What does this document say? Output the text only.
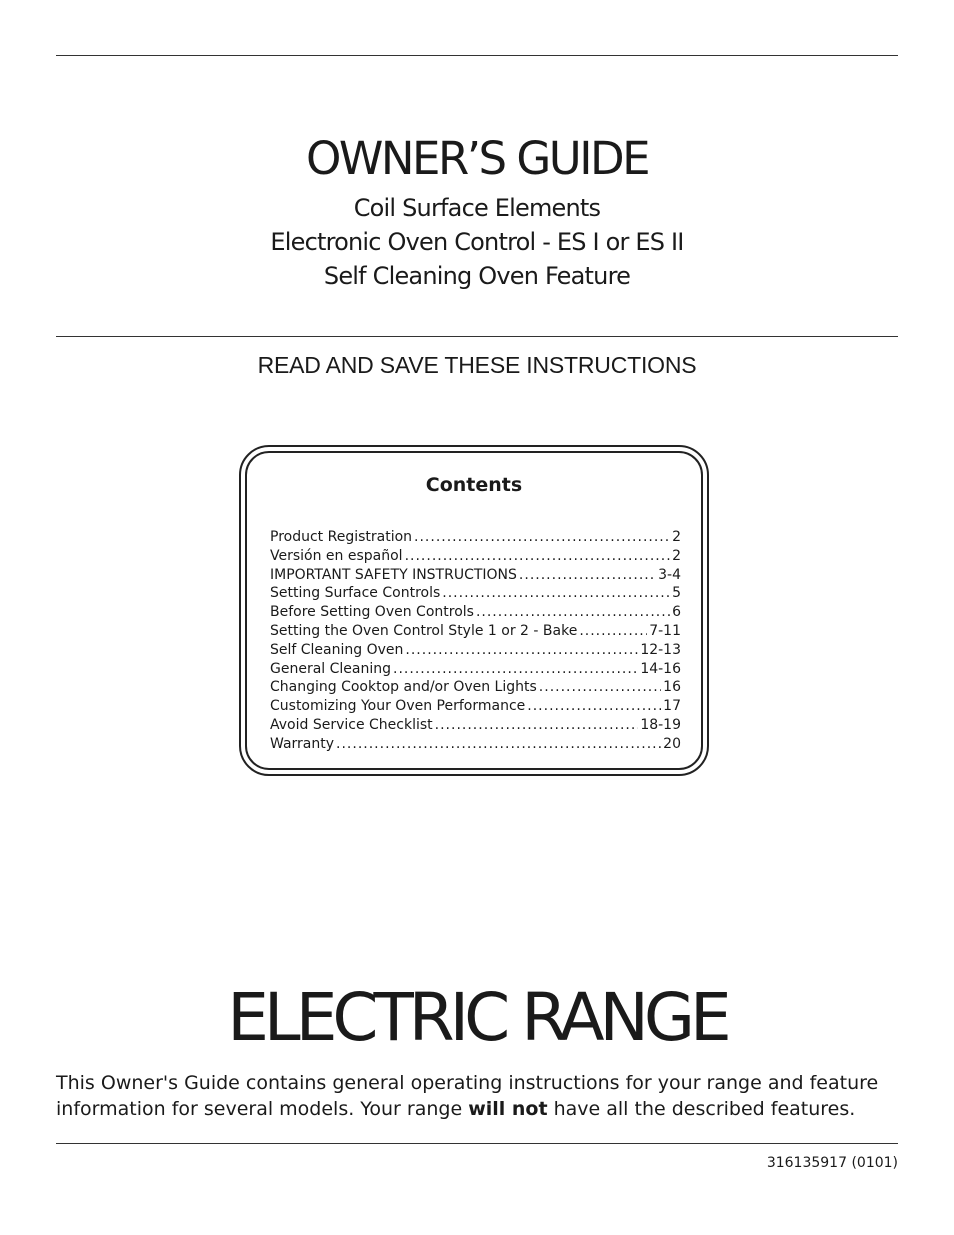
OWNER’S GUIDE
Coil Surface Elements
Electronic Oven Control - ES I or ES II
Self Cleaning Oven Feature
READ AND SAVE THESE INSTRUCTIONS
Contents
Product Registration .....	2
Versión en español .....	2
IMPORTANT SAFETY INSTRUCTIONS .....	3-4
Setting Surface Controls .....	5
Before Setting Oven Controls .....	6
Setting the Oven Control Style 1 or 2 - Bake .....	7-11
Self Cleaning Oven .....	12-13
General Cleaning .....	14-16
Changing Cooktop and/or Oven Lights .....	16
Customizing Your Oven Performance .....	17
Avoid Service Checklist .....	18-19
Warranty .....	20
ELECTRIC RANGE

This Owner's Guide contains general operating instructions for your range and feature information for several models. Your range will not have all the described features.

316135917 (0101)
